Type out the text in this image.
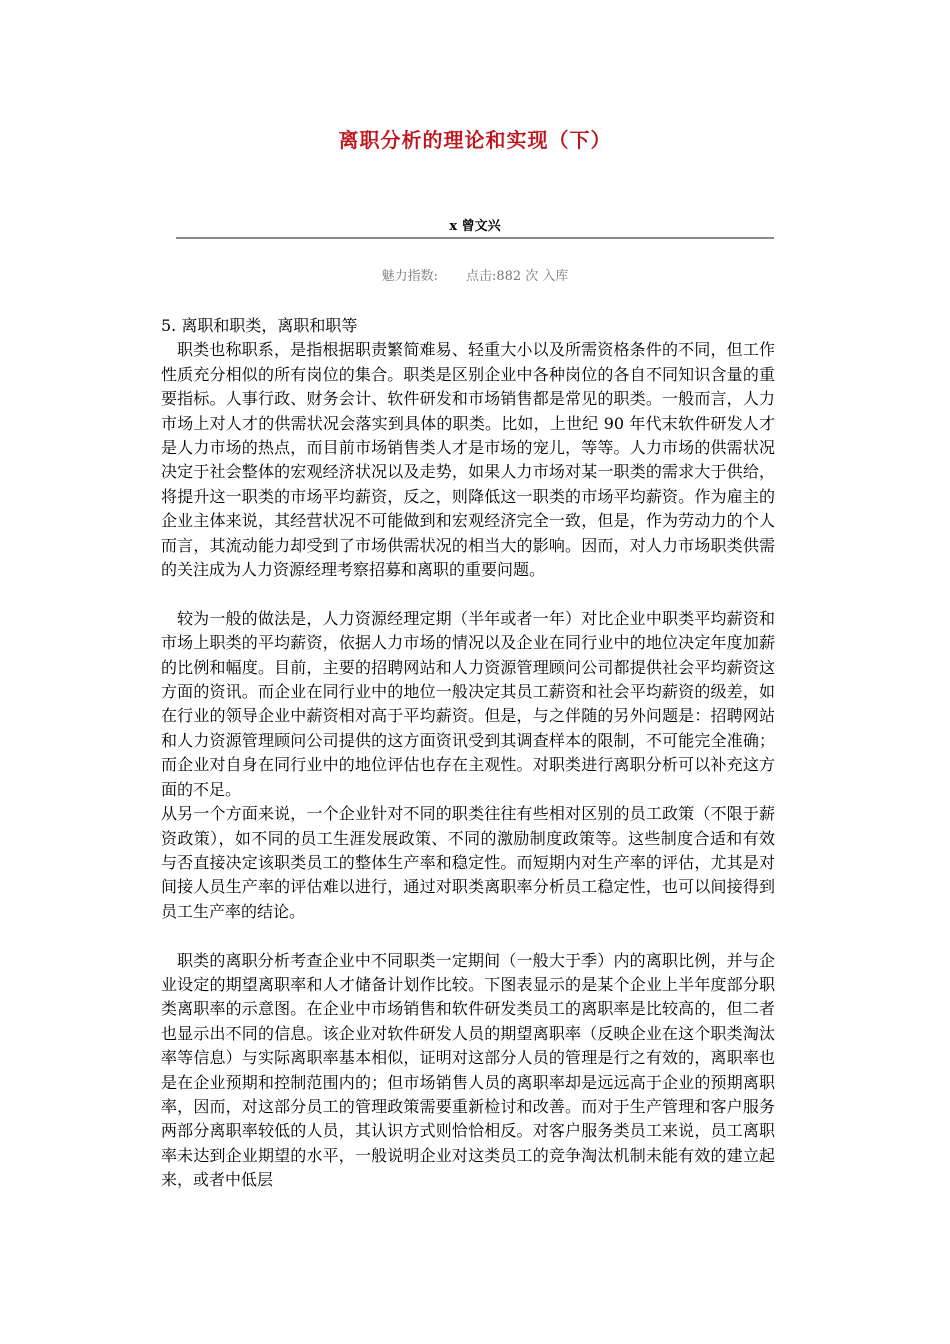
离职分析的理论和实现（下）
x 曾文兴
魅力指数: 点击:882 次 入库

5. 离职和职类，离职和职等

职类也称职系，是指根据职责繁简难易、轻重大小以及所需资格条件的不同，但工作性质充分相似的所有岗位的集合。职类是区别企业中各种岗位的各自不同知识含量的重要指标。人事行政、财务会计、软件研发和市场销售都是常见的职类。一般而言，人力市场上对人才的供需状况会落实到具体的职类。比如，上世纪 90 年代末软件研发人才是人力市场的热点，而目前市场销售类人才是市场的宠儿，等等。人力市场的供需状况决定于社会整体的宏观经济状况以及走势，如果人力市场对某一职类的需求大于供给，将提升这一职类的市场平均薪资，反之，则降低这一职类的市场平均薪资。作为雇主的企业主体来说，其经营状况不可能做到和宏观经济完全一致，但是，作为劳动力的个人而言，其流动能力却受到了市场供需状况的相当大的影响。因而，对人力市场职类供需的关注成为人力资源经理考察招募和离职的重要问题。

较为一般的做法是，人力资源经理定期（半年或者一年）对比企业中职类平均薪资和市场上职类的平均薪资，依据人力市场的情况以及企业在同行业中的地位决定年度加薪的比例和幅度。目前，主要的招聘网站和人力资源管理顾问公司都提供社会平均薪资这方面的资讯。而企业在同行业中的地位一般决定其员工薪资和社会平均薪资的级差，如在行业的领导企业中薪资相对高于平均薪资。但是，与之伴随的另外问题是：招聘网站和人力资源管理顾问公司提供的这方面资讯受到其调查样本的限制，不可能完全准确；而企业对自身在同行业中的地位评估也存在主观性。对职类进行离职分析可以补充这方面的不足。

从另一个方面来说，一个企业针对不同的职类往往有些相对区别的员工政策（不限于薪资政策），如不同的员工生涯发展政策、不同的激励制度政策等。这些制度合适和有效与否直接决定该职类员工的整体生产率和稳定性。而短期内对生产率的评估，尤其是对间接人员生产率的评估难以进行，通过对职类离职率分析员工稳定性，也可以间接得到员工生产率的结论。

职类的离职分析考查企业中不同职类一定期间（一般大于季）内的离职比例，并与企业设定的期望离职率和人才储备计划作比较。下图表显示的是某个企业上半年度部分职类离职率的示意图。在企业中市场销售和软件研发类员工的离职率是比较高的，但二者也显示出不同的信息。该企业对软件研发人员的期望离职率（反映企业在这个职类淘汰率等信息）与实际离职率基本相似，证明对这部分人员的管理是行之有效的，离职率也是在企业预期和控制范围内的；但市场销售人员的离职率却是远远高于企业的预期离职率，因而，对这部分员工的管理政策需要重新检讨和改善。而对于生产管理和客户服务两部分离职率较低的人员，其认识方式则恰恰相反。对客户服务类员工来说，员工离职率未达到企业期望的水平，一般说明企业对这类员工的竞争淘汰机制未能有效的建立起来，或者中低层
